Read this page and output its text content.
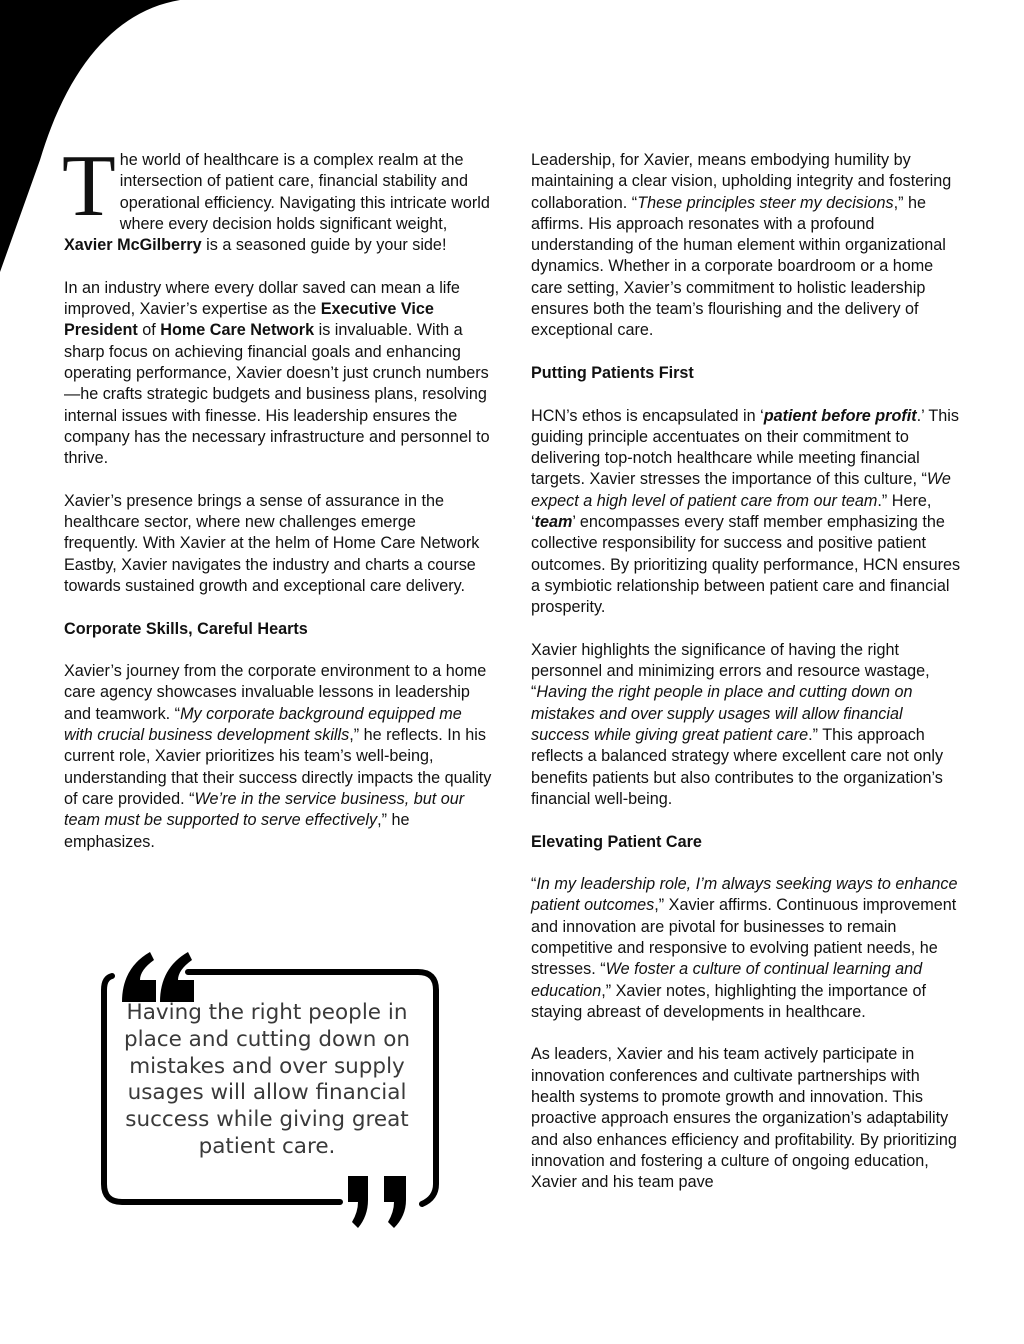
The world of healthcare is a complex realm at the intersection of patient care, financial stability and operational efficiency. Navigating this intricate world where every decision holds significant weight, Xavier McGilberry is a seasoned guide by your side!

In an industry where every dollar saved can mean a life improved, Xavier’s expertise as the Executive Vice President of Home Care Network is invaluable. With a sharp focus on achieving financial goals and enhancing operating performance, Xavier doesn’t just crunch numbers—he crafts strategic budgets and business plans, resolving internal issues with finesse. His leadership ensures the company has the necessary infrastructure and personnel to thrive.

Xavier’s presence brings a sense of assurance in the healthcare sector, where new challenges emerge frequently. With Xavier at the helm of Home Care Network Eastby, Xavier navigates the industry and charts a course towards sustained growth and exceptional care delivery.

Corporate Skills, Careful Hearts

Xavier’s journey from the corporate environment to a home care agency showcases invaluable lessons in leadership and teamwork. “My corporate background equipped me with crucial business development skills,” he reflects. In his current role, Xavier prioritizes his team’s well-being, understanding that their success directly impacts the quality of care provided. “We’re in the service business, but our team must be supported to serve effectively,” he emphasizes.

Having the right people in place and cutting down on mistakes and over supply usages will allow financial success while giving great patient care.

Leadership, for Xavier, means embodying humility by maintaining a clear vision, upholding integrity and fostering collaboration. “These principles steer my decisions,” he affirms. His approach resonates with a profound understanding of the human element within organizational dynamics. Whether in a corporate boardroom or a home care setting, Xavier’s commitment to holistic leadership ensures both the team’s flourishing and the delivery of exceptional care.

Putting Patients First

HCN’s ethos is encapsulated in ‘patient before profit.’ This guiding principle accentuates on their commitment to delivering top-notch healthcare while meeting financial targets. Xavier stresses the importance of this culture, “We expect a high level of patient care from our team.” Here, ‘team’ encompasses every staff member emphasizing the collective responsibility for success and positive patient outcomes. By prioritizing quality performance, HCN ensures a symbiotic relationship between patient care and financial prosperity.

Xavier highlights the significance of having the right personnel and minimizing errors and resource wastage, “Having the right people in place and cutting down on mistakes and over supply usages will allow financial success while giving great patient care.” This approach reflects a balanced strategy where excellent care not only benefits patients but also contributes to the organization’s financial well-being.

Elevating Patient Care

“In my leadership role, I’m always seeking ways to enhance patient outcomes,” Xavier affirms. Continuous improvement and innovation are pivotal for businesses to remain competitive and responsive to evolving patient needs, he stresses. “We foster a culture of continual learning and education,” Xavier notes, highlighting the importance of staying abreast of developments in healthcare.

As leaders, Xavier and his team actively participate in innovation conferences and cultivate partnerships with health systems to promote growth and innovation. This proactive approach ensures the organization’s adaptability and also enhances efficiency and profitability. By prioritizing innovation and fostering a culture of ongoing education, Xavier and his team pave
